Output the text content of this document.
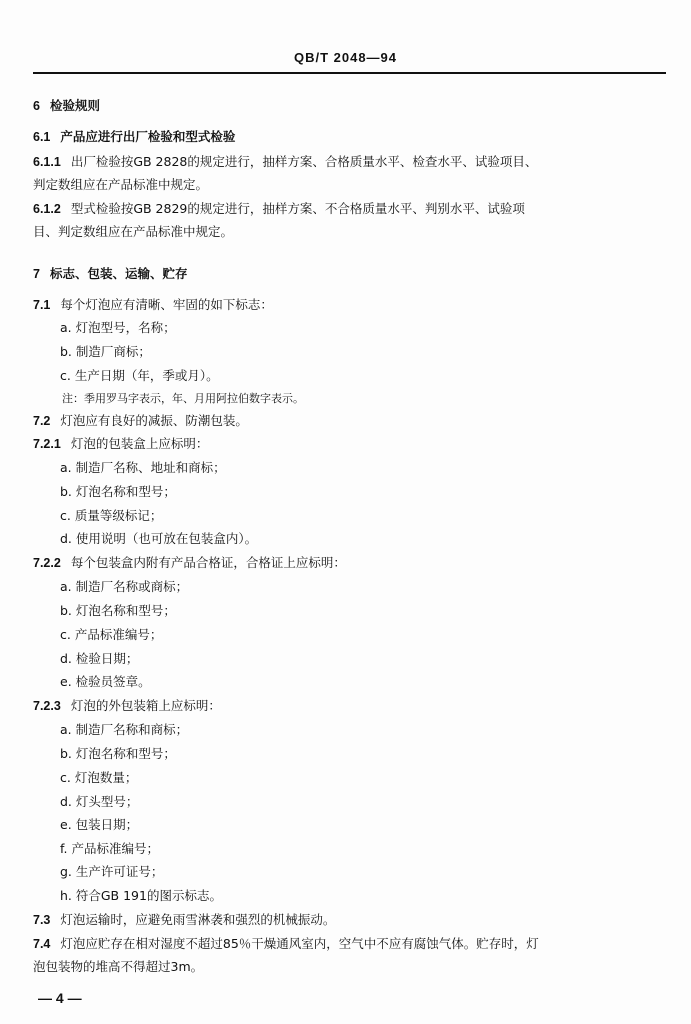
QB/T 2048—94
6 检验规则
6.1 产品应进行出厂检验和型式检验
6.1.1 出厂检验按GB 2828的规定进行，抽样方案、合格质量水平、检查水平、试验项目、
判定数组应在产品标准中规定。
6.1.2 型式检验按GB 2829的规定进行，抽样方案、不合格质量水平、判别水平、试验项
目、判定数组应在产品标准中规定。
7 标志、包装、运输、贮存
7.1 每个灯泡应有清晰、牢固的如下标志：
a. 灯泡型号，名称；
b. 制造厂商标；
c. 生产日期（年，季或月）。
注：季用罗马字表示，年、月用阿拉伯数字表示。
7.2 灯泡应有良好的减振、防潮包装。
7.2.1 灯泡的包装盒上应标明：
a. 制造厂名称、地址和商标；
b. 灯泡名称和型号；
c. 质量等级标记；
d. 使用说明（也可放在包装盒内）。
7.2.2 每个包装盒内附有产品合格证，合格证上应标明：
a. 制造厂名称或商标；
b. 灯泡名称和型号；
c. 产品标准编号；
d. 检验日期；
e. 检验员签章。
7.2.3 灯泡的外包装箱上应标明：
a. 制造厂名称和商标；
b. 灯泡名称和型号；
c. 灯泡数量；
d. 灯头型号；
e. 包装日期；
f. 产品标准编号；
g. 生产许可证号；
h. 符合GB 191的图示标志。
7.3 灯泡运输时，应避免雨雪淋袭和强烈的机械振动。
7.4 灯泡应贮存在相对湿度不超过85％干燥通风室内，空气中不应有腐蚀气体。贮存时，灯
泡包装物的堆高不得超过3m。
— 4 —
